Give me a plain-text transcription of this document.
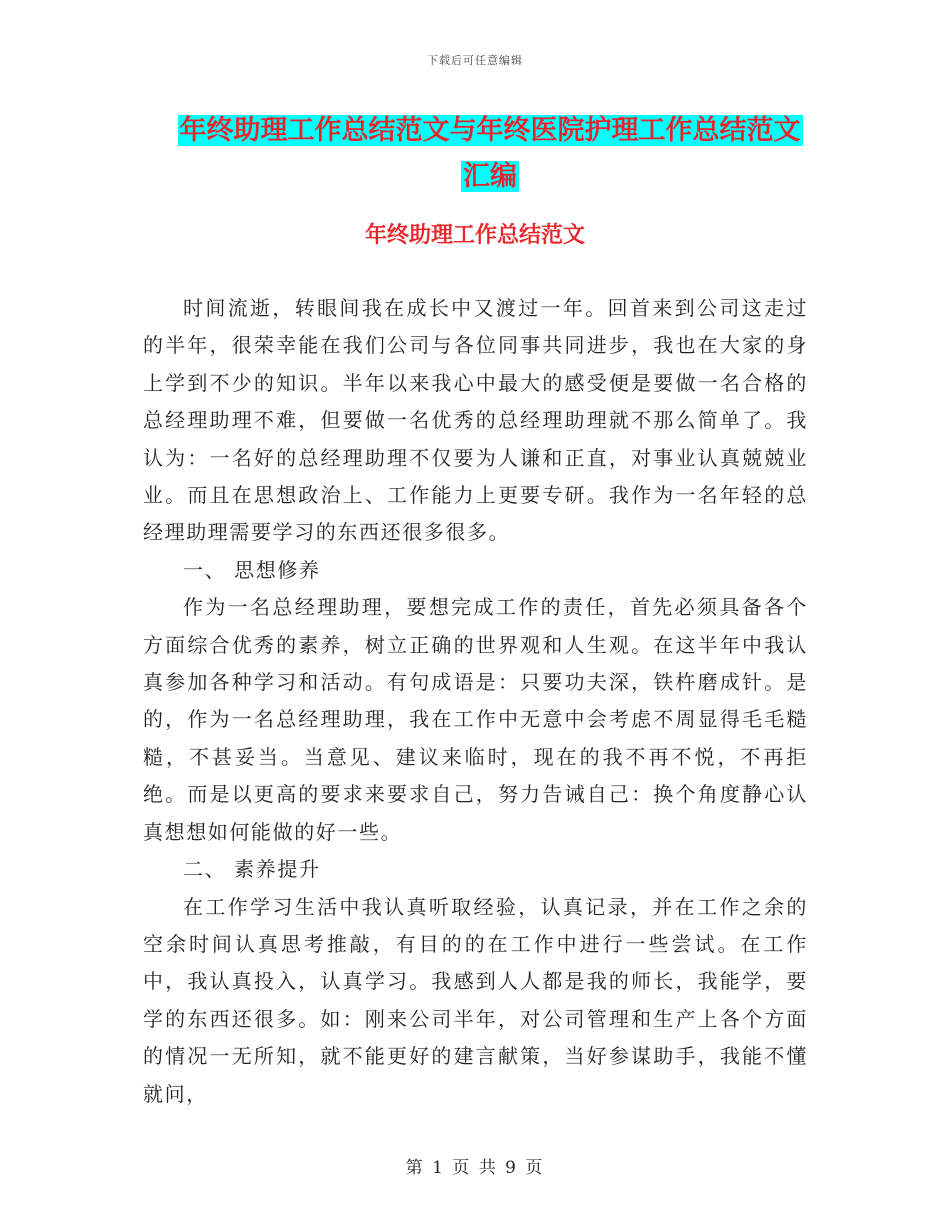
下载后可任意编辑
年终助理工作总结范文与年终医院护理工作总结范文
汇编
年终助理工作总结范文

时间流逝，转眼间我在成长中又渡过一年。回首来到公司这走过的半年，很荣幸能在我们公司与各位同事共同进步，我也在大家的身上学到不少的知识。半年以来我心中最大的感受便是要做一名合格的总经理助理不难，但要做一名优秀的总经理助理就不那么简单了。我认为：一名好的总经理助理不仅要为人谦和正直，对事业认真兢兢业业。而且在思想政治上、工作能力上更要专研。我作为一名年轻的总经理助理需要学习的东西还很多很多。

一、 思想修养

作为一名总经理助理，要想完成工作的责任，首先必须具备各个方面综合优秀的素养，树立正确的世界观和人生观。在这半年中我认真参加各种学习和活动。有句成语是：只要功夫深，铁杵磨成针。是的，作为一名总经理助理，我在工作中无意中会考虑不周显得毛毛糙糙，不甚妥当。当意见、建议来临时，现在的我不再不悦，不再拒绝。而是以更高的要求来要求自己，努力告诫自己：换个角度静心认真想想如何能做的好一些。

二、 素养提升

在工作学习生活中我认真听取经验，认真记录，并在工作之余的空余时间认真思考推敲，有目的的在工作中进行一些尝试。在工作中，我认真投入，认真学习。我感到人人都是我的师长，我能学，要学的东西还很多。如：刚来公司半年，对公司管理和生产上各个方面的情况一无所知，就不能更好的建言献策，当好参谋助手，我能不懂就问，

第 1 页 共 9 页
